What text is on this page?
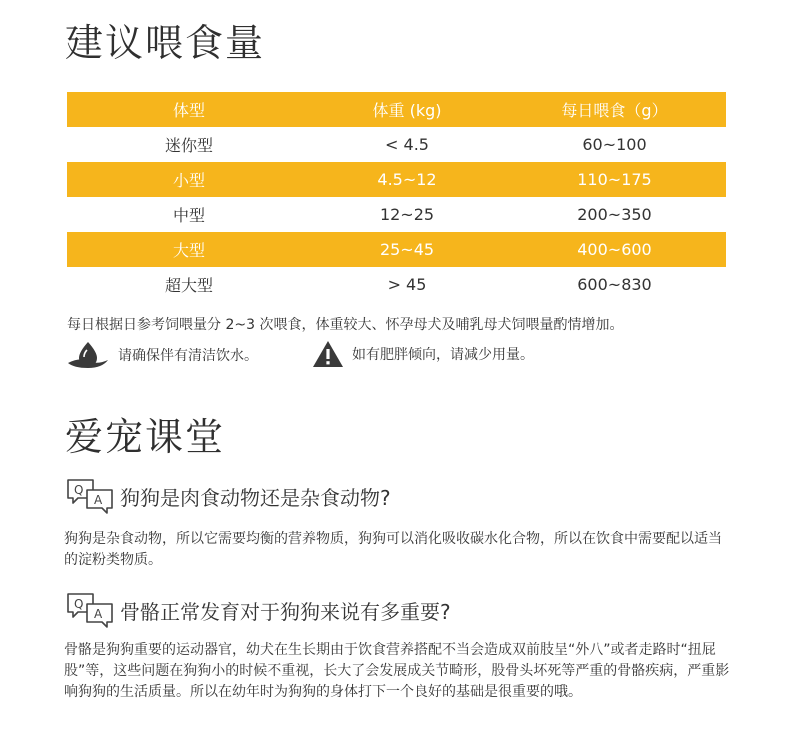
建议喂食量
体型	体重 (kg)	每日喂食（g）
迷你型	< 4.5	60~100
小型	4.5~12	110~175
中型	12~25	200~350
大型	25~45	400~600
超大型	> 45	600~830

每日根据日参考饲喂量分 2~3 次喂食，体重较大、怀孕母犬及哺乳母犬饲喂量酌情增加。

请确保伴有清洁饮水。	如有肥胖倾向，请减少用量。
爱宠课堂
Q
A 狗狗是肉食动物还是杂食动物?

狗狗是杂食动物，所以它需要均衡的营养物质，狗狗可以消化吸收碳水化合物，所以在饮食中需要配以适当的淀粉类物质。

Q
A 骨骼正常发育对于狗狗来说有多重要?

骨骼是狗狗重要的运动器官，幼犬在生长期由于饮食营养搭配不当会造成双前肢呈“外八”或者走路时“扭屁股”等，这些问题在狗狗小的时候不重视，长大了会发展成关节畸形，股骨头坏死等严重的骨骼疾病，严重影响狗狗的生活质量。所以在幼年时为狗狗的身体打下一个良好的基础是很重要的哦。
